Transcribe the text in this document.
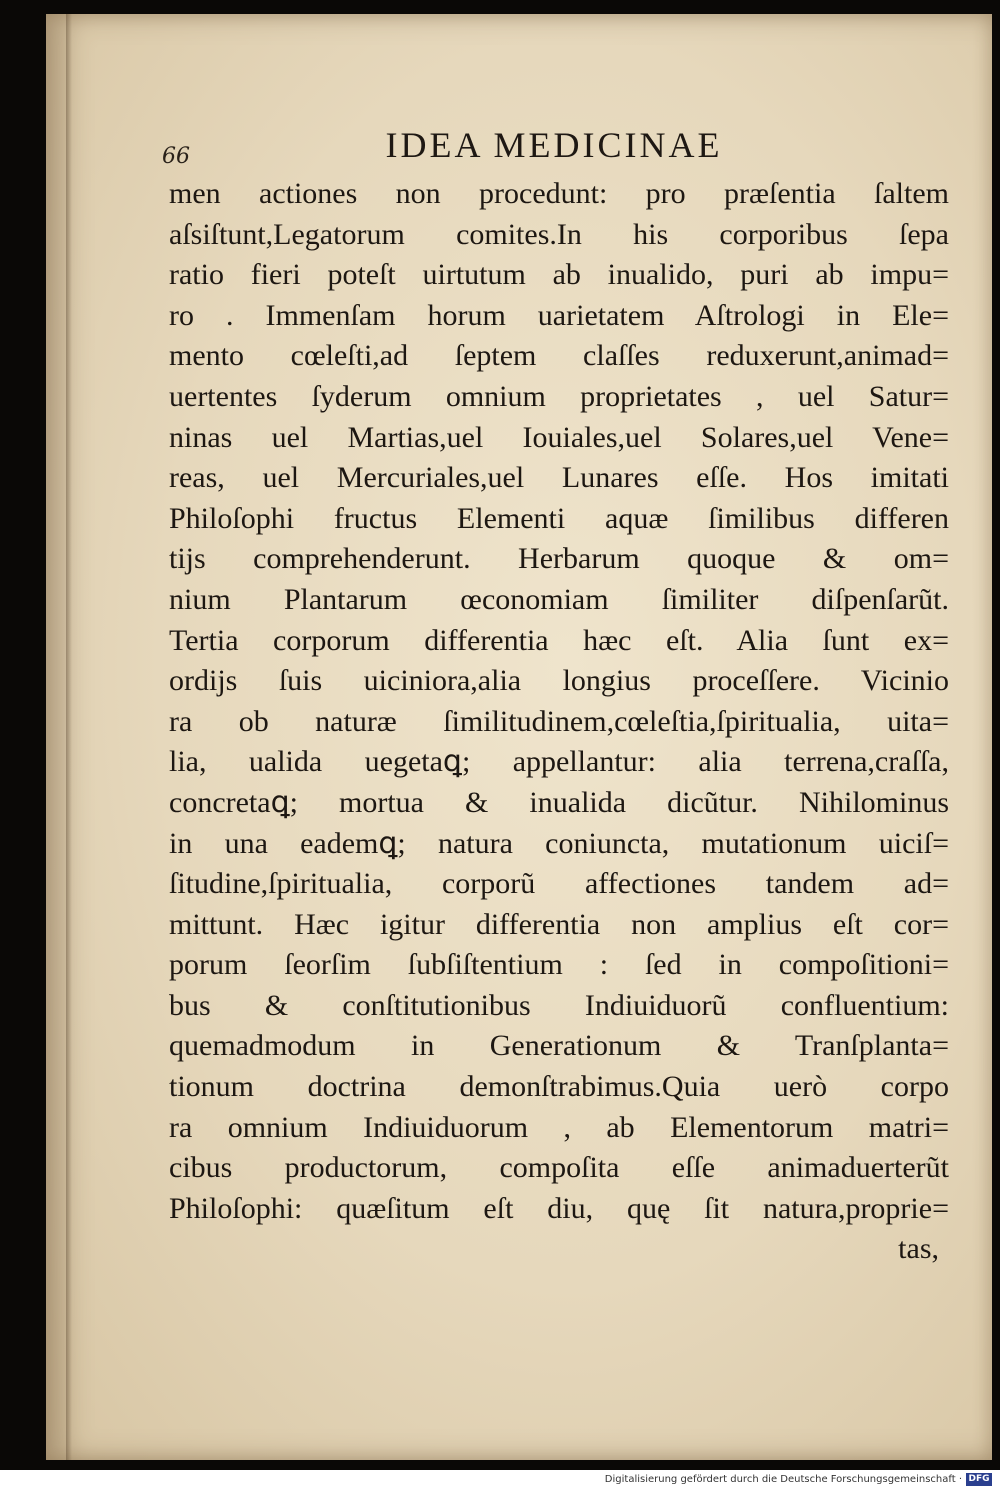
66	IDEA MEDICINAE
men actiones non procedunt: pro præſentia ſaltem
aſsiſtunt,Legatorum comites.In his corporibus ſepa
ratio fieri poteſt uirtutum ab inualido, puri ab impu=
ro . Immenſam horum uarietatem Aſtrologi in Ele=
mento cœleſti,ad ſeptem claſſes reduxerunt,animad=
uertentes ſyderum omnium proprietates , uel Satur=
ninas uel Martias,uel Iouiales,uel Solares,uel Vene=
reas, uel Mercuriales,uel Lunares eſſe. Hos imitati
Philoſophi fructus Elementi aquæ ſimilibus differen
tijs comprehenderunt. Herbarum quoque & om=
nium Plantarum œconomiam ſimiliter diſpenſarũt.
Tertia corporum differentia hæc eſt. Alia ſunt ex=
ordijs ſuis uiciniora,alia longius proceſſere. Vicinio
ra ob naturæ ſimilitudinem,cœleſtia,ſpiritualia, uita=
lia, ualida uegetaꝗ; appellantur: alia terrena,craſſa,
concretaꝗ; mortua & inualida dicũtur. Nihilominus
in una eademꝗ; natura coniuncta, mutationum uiciſ=
ſitudine,ſpiritualia, corporũ affectiones tandem ad=
mittunt. Hæc igitur differentia non amplius eſt cor=
porum ſeorſim ſubſiſtentium : ſed in compoſitioni=
bus & conſtitutionibus Indiuiduorũ confluentium:
quemadmodum in Generationum & Tranſplanta=
tionum doctrina demonſtrabimus.Quia uerò corpo
ra omnium Indiuiduorum , ab Elementorum matri=
cibus productorum, compoſita eſſe animaduerterũt
Philoſophi: quæſitum eſt diu, quę ſit natura,proprie=
tas,
Digitalisierung gefördert durch die Deutsche Forschungsgemeinschaft · DFG
